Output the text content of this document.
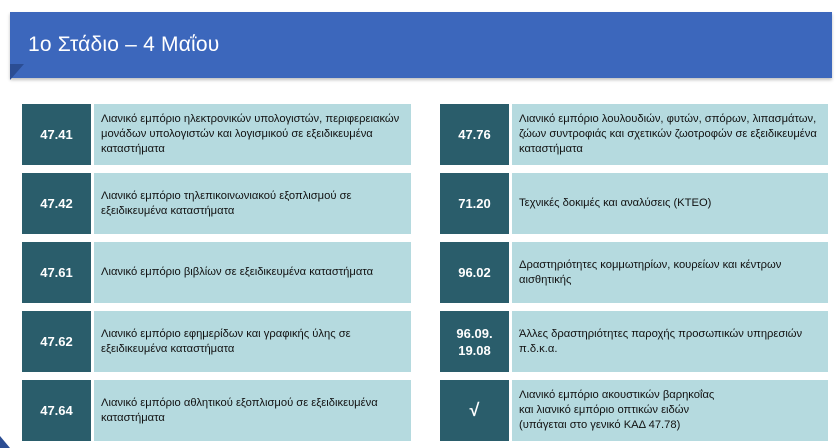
1ο Στάδιο – 4 Μαΐου
47.41
Λιανικό εμπόριο ηλεκτρονικών υπολογιστών, περιφερειακών μονάδων υπολογιστών και λογισμικού σε εξειδικευμένα καταστήματα
47.42
Λιανικό εμπόριο τηλεπικοινωνιακού εξοπλισμού σε εξειδικευμένα καταστήματα
47.61	Λιανικό εμπόριο βιβλίων σε εξειδικευμένα καταστήματα
47.62
Λιανικό εμπόριο εφημερίδων και γραφικής ύλης σε εξειδικευμένα καταστήματα
47.64
Λιανικό εμπόριο αθλητικού εξοπλισμού σε εξειδικευμένα καταστήματα
47.76
Λιανικό εμπόριο λουλουδιών, φυτών, σπόρων, λιπασμάτων, ζώων συντροφιάς και σχετικών ζωοτροφών σε εξειδικευμένα καταστήματα
71.20	Τεχνικές δοκιμές και αναλύσεις (ΚΤΕΟ)
96.02
Δραστηριότητες κομμωτηρίων, κουρείων και κέντρων αισθητικής
96.09.
19.08
Άλλες δραστηριότητες παροχής προσωπικών υπηρεσιών π.δ.κ.α.
√
Λιανικό εμπόριο ακουστικών βαρηκοΐας
και λιανικό εμπόριο οπτικών ειδών
(υπάγεται στο γενικό ΚΑΔ 47.78)
